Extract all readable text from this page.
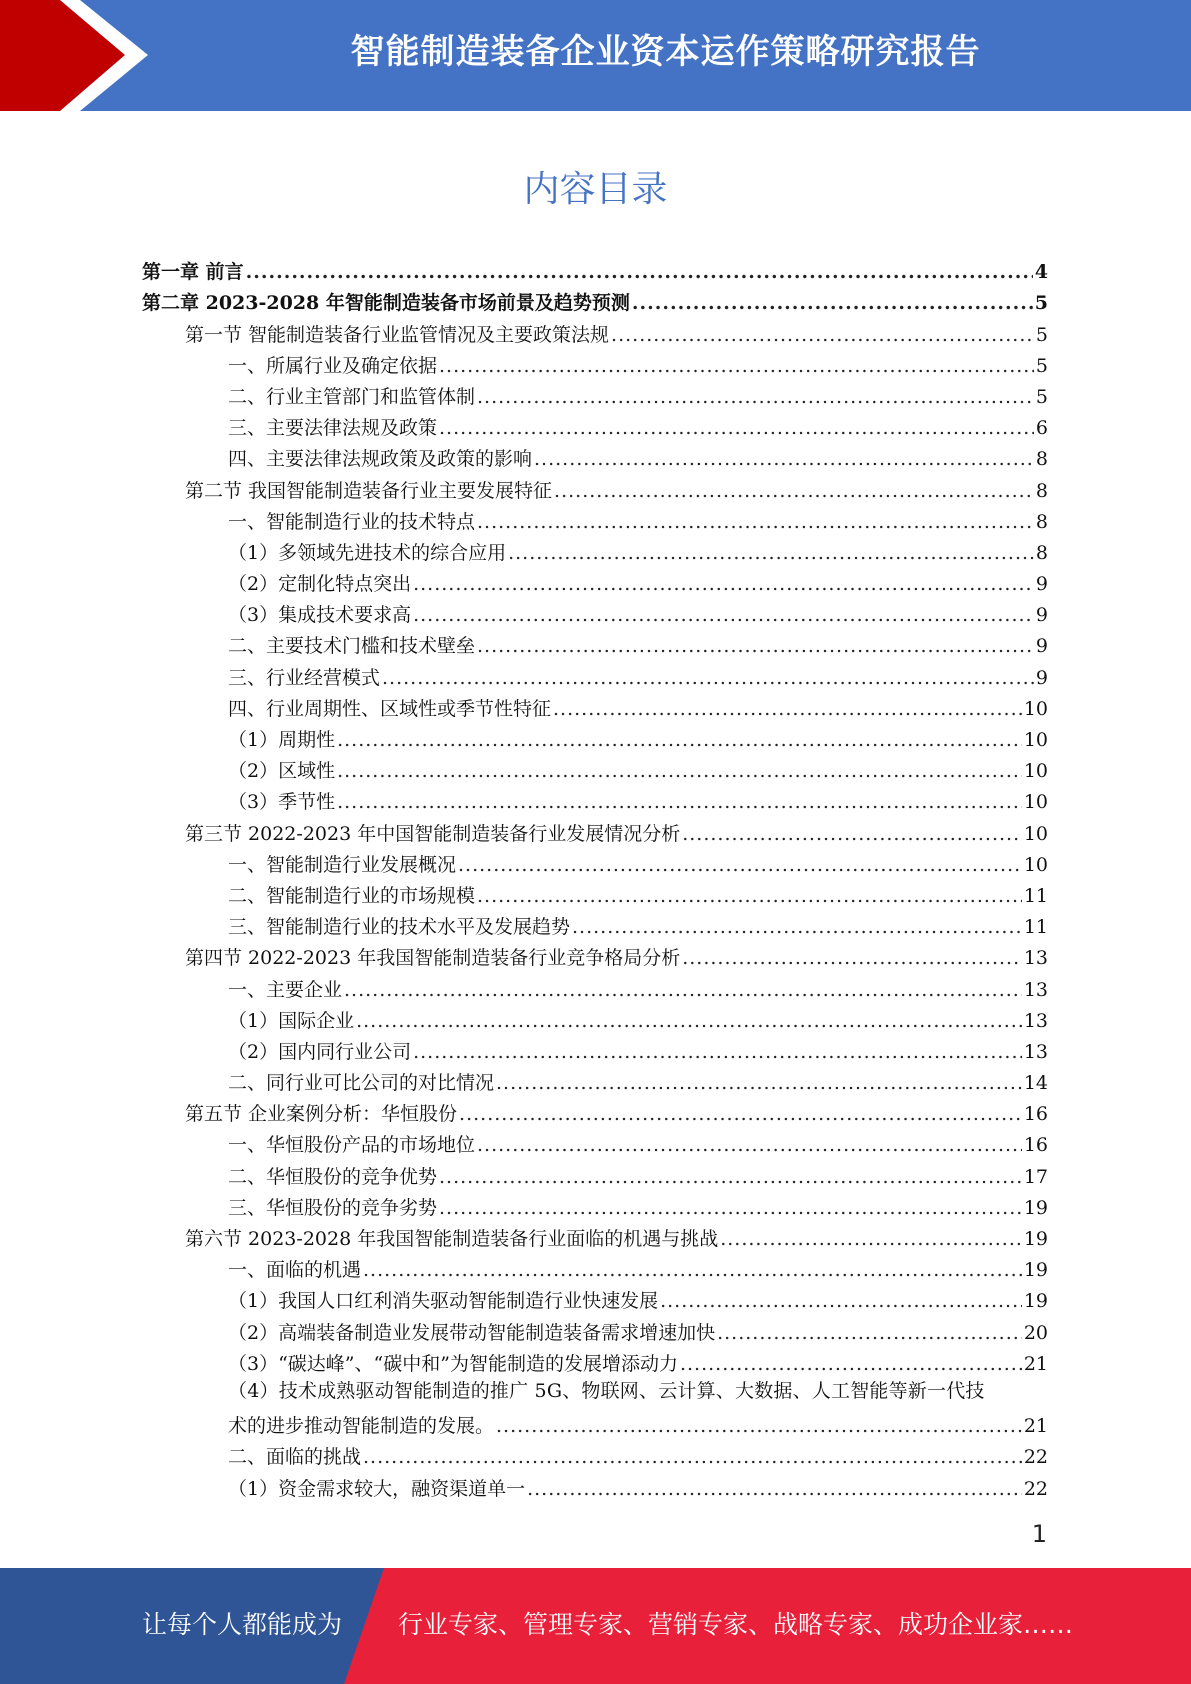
智能制造装备企业资本运作策略研究报告
内容目录
第一章 前言 .....	4
第二章 2023-2028 年智能制造装备市场前景及趋势预测 .....	5
第一节 智能制造装备行业监管情况及主要政策法规 .....	5
一、所属行业及确定依据 .....	5
二、行业主管部门和监管体制 .....	5
三、主要法律法规及政策 .....	6
四、主要法律法规政策及政策的影响 .....	8
第二节 我国智能制造装备行业主要发展特征 .....	8
一、智能制造行业的技术特点 .....	8
（1）多领域先进技术的综合应用 .....	8
（2）定制化特点突出 .....	9
（3）集成技术要求高 .....	9
二、主要技术门槛和技术壁垒 .....	9
三、行业经营模式 .....	9
四、行业周期性、区域性或季节性特征 .....	10
（1）周期性 .....	10
（2）区域性 .....	10
（3）季节性 .....	10
第三节 2022-2023 年中国智能制造装备行业发展情况分析 .....	10
一、智能制造行业发展概况 .....	10
二、智能制造行业的市场规模 .....	11
三、智能制造行业的技术水平及发展趋势 .....	11
第四节 2022-2023 年我国智能制造装备行业竞争格局分析 .....	13
一、主要企业 .....	13
（1）国际企业 .....	13
（2）国内同行业公司 .....	13
二、同行业可比公司的对比情况 .....	14
第五节 企业案例分析：华恒股份 .....	16
一、华恒股份产品的市场地位 .....	16
二、华恒股份的竞争优势 .....	17
三、华恒股份的竞争劣势 .....	19
第六节 2023-2028 年我国智能制造装备行业面临的机遇与挑战 .....	19
一、面临的机遇 .....	19
（1）我国人口红利消失驱动智能制造行业快速发展 .....	19
（2）高端装备制造业发展带动智能制造装备需求增速加快 .....	20
（3）“碳达峰”、“碳中和”为智能制造的发展增添动力 .....	21
（4）技术成熟驱动智能制造的推广 5G、物联网、云计算、大数据、人工智能等新一代技
术的进步推动智能制造的发展。 .....	21
二、面临的挑战 .....	22
（1）资金需求较大，融资渠道单一 .....	22
1
让每个人都能成为 行业专家、管理专家、营销专家、战略专家、成功企业家……
